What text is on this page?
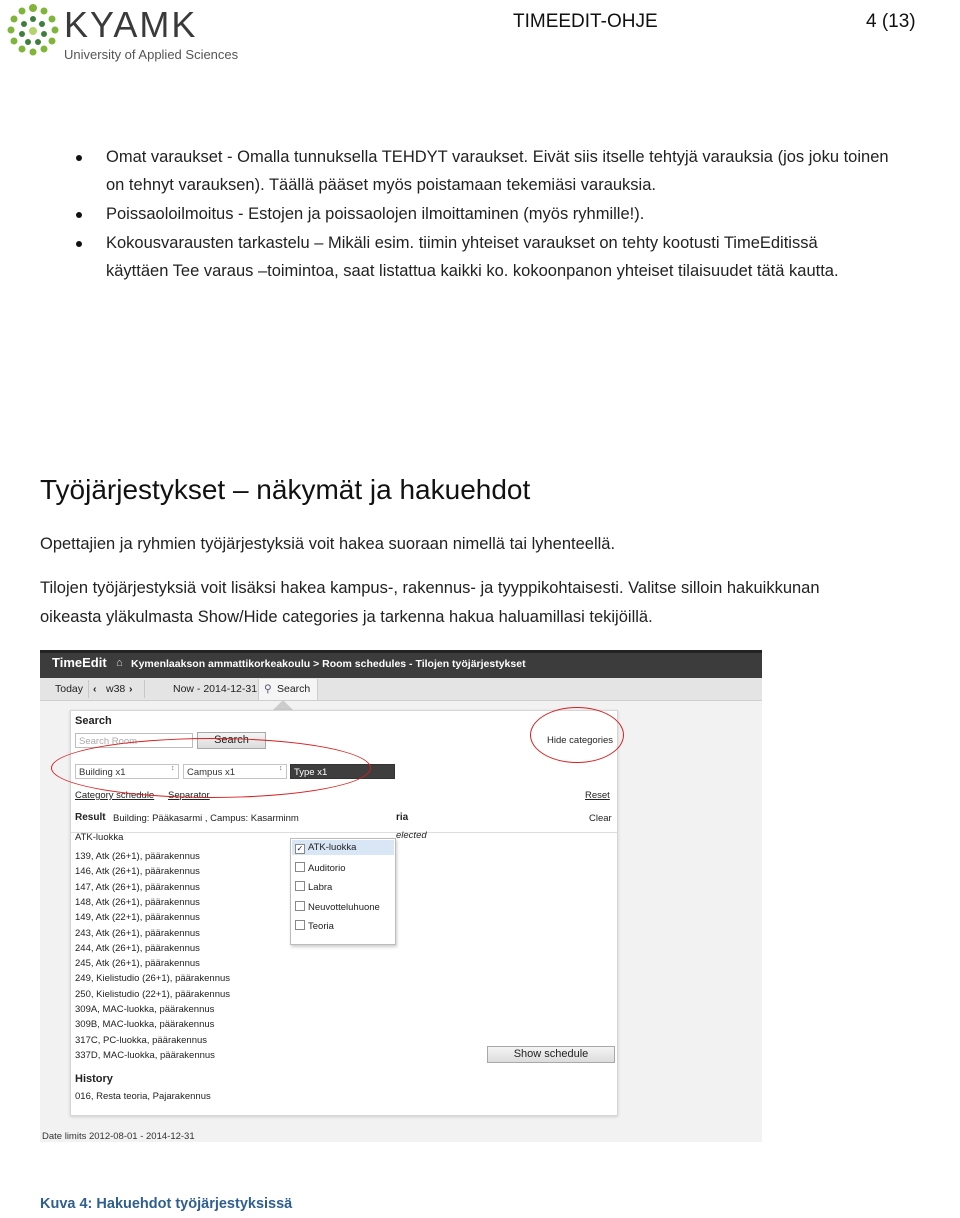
KYAMK
University of Applied Sciences
TIMEEDIT-OHJE	4 (13)
Omat varaukset - Omalla tunnuksella TEHDYT varaukset. Eivät siis itselle tehtyjä varauksia (jos joku toinen
on tehnyt varauksen). Täällä pääset myös poistamaan tekemiäsi varauksia.
Poissaoloilmoitus - Estojen ja poissaolojen ilmoittaminen (myös ryhmille!).
Kokousvarausten tarkastelu – Mikäli esim. tiimin yhteiset varaukset on tehty kootusti TimeEditissä
käyttäen Tee varaus –toimintoa, saat listattua kaikki ko. kokoonpanon yhteiset tilaisuudet tätä kautta.
Työjärjestykset – näkymät ja hakuehdot
Opettajien ja ryhmien työjärjestyksiä voit hakea suoraan nimellä tai lyhenteellä.
Tilojen työjärjestyksiä voit lisäksi hakea kampus-, rakennus- ja tyyppikohtaisesti. Valitse silloin hakuikkunan
oikeasta yläkulmasta Show/Hide categories ja tarkenna hakua haluamillasi tekijöillä.
TimeEdit ⌂ Kymenlaakson ammattikorkeakoulu > Room schedules - Tilojen työjärjestykset
Today ‹ w38 ›	Now - 2014-12-31 ⚲ Search
Search
Search Room	Search	Hide categories
Building x1	↕	Campus x1	↕	Type x1
Category schedule Separator	Reset
Result Building: Pääkasarmi , Campus: Kasarminm	ria	Clear
elected
ATK-luokka
139, Atk (26+1), päärakennus
146, Atk (26+1), päärakennus
147, Atk (26+1), päärakennus
148, Atk (26+1), päärakennus
149, Atk (22+1), päärakennus
243, Atk (26+1), päärakennus
244, Atk (26+1), päärakennus
245, Atk (26+1), päärakennus
249, Kielistudio (26+1), päärakennus
250, Kielistudio (22+1), päärakennus
309A, MAC-luokka, päärakennus
309B, MAC-luokka, päärakennus
317C, PC-luokka, päärakennus
337D, MAC-luokka, päärakennus	Show schedule
History
016, Resta teoria, Pajarakennus
✓ ATK-luokka
Auditorio
Labra
Neuvotteluhuone
Teoria
Date limits 2012-08-01 - 2014-12-31
Kuva 4: Hakuehdot työjärjestyksissä
